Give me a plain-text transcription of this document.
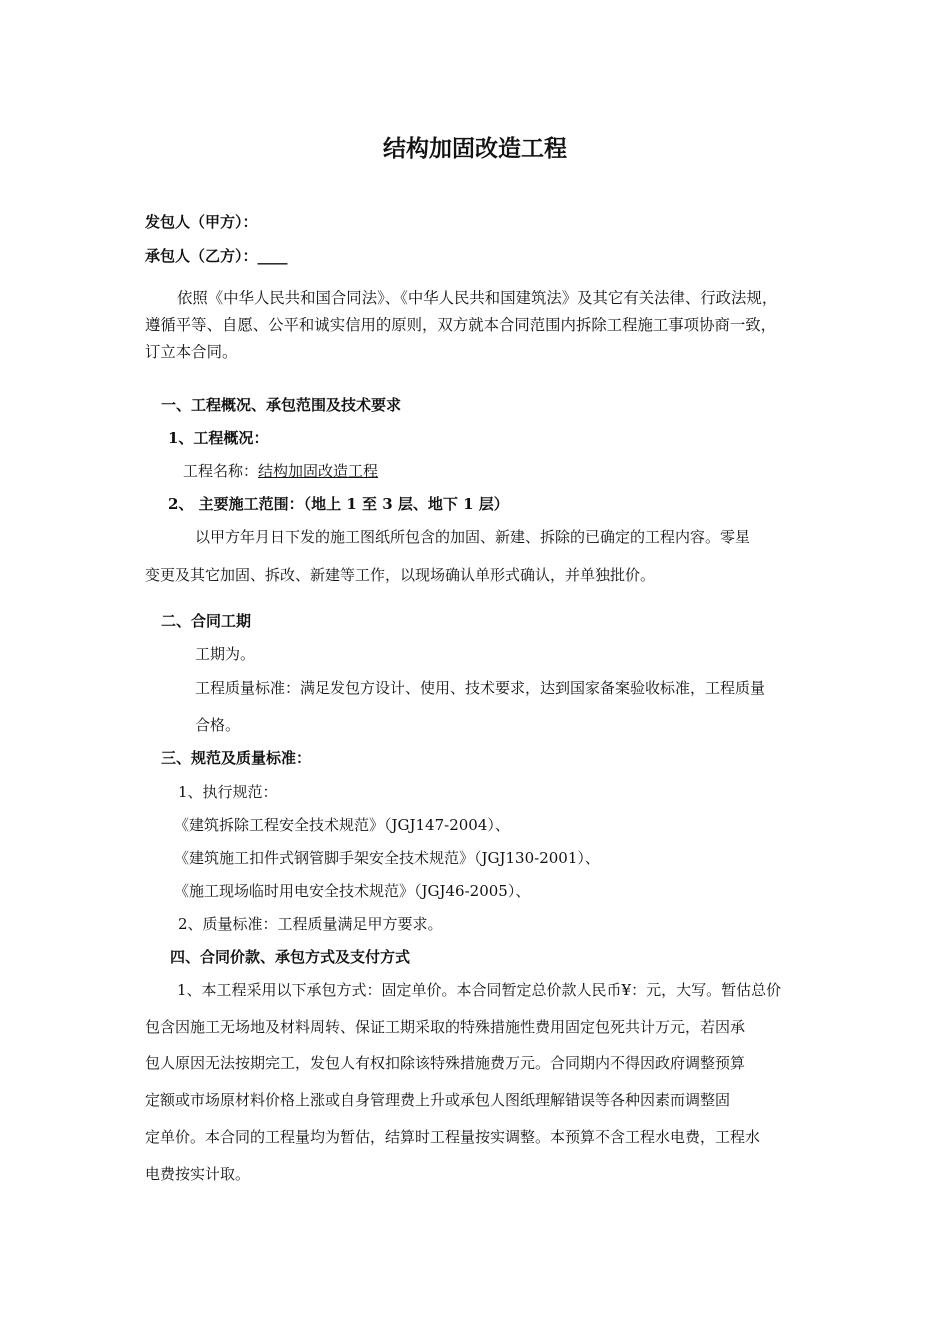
结构加固改造工程
发包人（甲方）：
承包人（乙方）：____
依照《中华人民共和国合同法》、《中华人民共和国建筑法》及其它有关法律、行政法规，
遵循平等、自愿、公平和诚实信用的原则，双方就本合同范围内拆除工程施工事项协商一致，
订立本合同。
一、工程概况、承包范围及技术要求
1、工程概况：
工程名称：结构加固改造工程
2、 主要施工范围：（地上 1 至 3 层、地下 1 层）
以甲方年月日下发的施工图纸所包含的加固、新建、拆除的已确定的工程内容。零星
变更及其它加固、拆改、新建等工作，以现场确认单形式确认，并单独批价。
二、合同工期
工期为。
工程质量标准：满足发包方设计、使用、技术要求，达到国家备案验收标准，工程质量
合格。
三、规范及质量标准：
1、执行规范：
《建筑拆除工程安全技术规范》（JGJ147-2004）、
《建筑施工扣件式钢管脚手架安全技术规范》（JGJ130-2001）、
《施工现场临时用电安全技术规范》（JGJ46-2005）、
2、质量标准：工程质量满足甲方要求。
四、合同价款、承包方式及支付方式
1、本工程采用以下承包方式：固定单价。本合同暂定总价款人民币¥：元，大写。暂估总价
包含因施工无场地及材料周转、保证工期采取的特殊措施性费用固定包死共计万元，若因承
包人原因无法按期完工，发包人有权扣除该特殊措施费万元。合同期内不得因政府调整预算
定额或市场原材料价格上涨或自身管理费上升或承包人图纸理解错误等各种因素而调整固
定单价。本合同的工程量均为暂估，结算时工程量按实调整。本预算不含工程水电费，工程水
电费按实计取。
